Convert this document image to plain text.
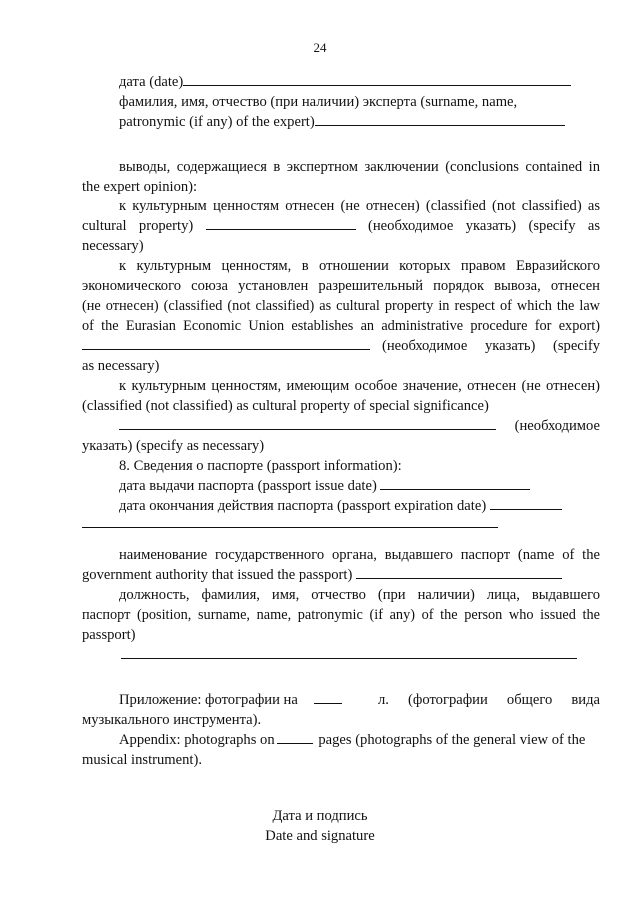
24
дата (date)
фамилия, имя, отчество (при наличии) эксперта (surname, name,
patronymic (if any) of the expert)
выводы, содержащиеся в экспертном заключении (conclusions contained in
the expert opinion):
к культурным ценностям отнесен (не отнесен) (classified (not classified) as
cultural property)	(необходимое указать) (specify as
necessary)
к культурным ценностям, в отношении которых правом Евразийского
экономического союза установлен разрешительный порядок вывоза, отнесен
(не отнесен) (classified (not classified) as cultural property in respect of which the law
of the Eurasian Economic Union establishes an administrative procedure for export)
(необходимое указать) (specify
as necessary)
к культурным ценностям, имеющим особое значение, отнесен (не отнесен)
(classified (not classified) as cultural property of special significance)
(необходимое
указать) (specify as necessary)
8. Сведения о паспорте (passport information):
дата выдачи паспорта (passport issue date)
дата окончания действия паспорта (passport expiration date)
наименование государственного органа, выдавшего паспорт (name of the
government authority that issued the passport)
должность, фамилия, имя, отчество (при наличии) лица, выдавшего
паспорт (position, surname, name, patronymic (if any) of the person who issued the
passport)
Приложение: фотографии на	л. (фотографии общего вида
музыкального инструмента).
Appendix: photographs on	pages (photographs of the general view of the
musical instrument).
Дата и подпись
Date and signature
